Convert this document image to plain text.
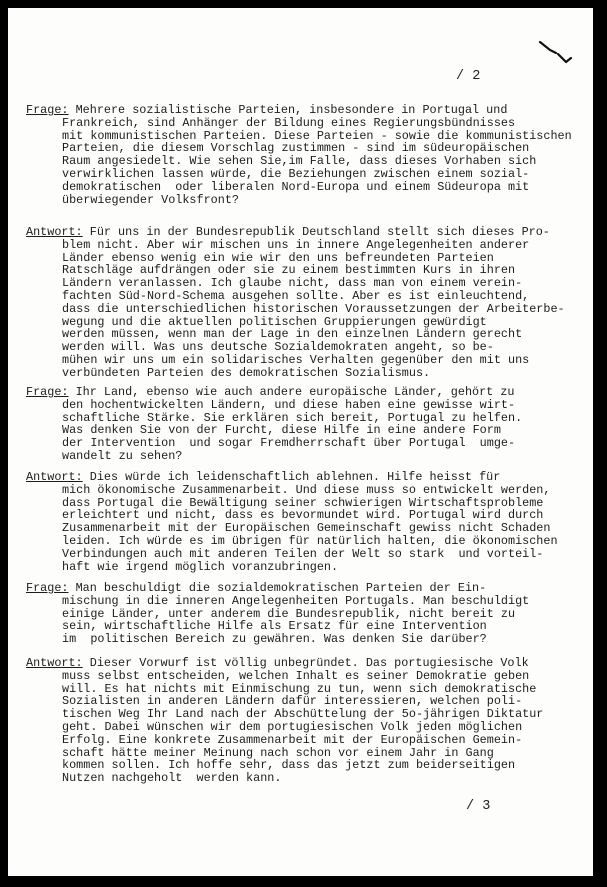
/ 2
Frage: Mehrere sozialistische Parteien, insbesondere in Portugal und
Frankreich, sind Anhänger der Bildung eines Regierungsbündnisses
mit kommunistischen Parteien. Diese Parteien - sowie die kommunistischen
Parteien, die diesem Vorschlag zustimmen - sind im südeuropäischen
Raum angesiedelt. Wie sehen Sie,im Falle, dass dieses Vorhaben sich
verwirklichen lassen würde, die Beziehungen zwischen einem sozial-
demokratischen  oder liberalen Nord-Europa und einem Südeuropa mit
überwiegender Volksfront?
Antwort: Für uns in der Bundesrepublik Deutschland stellt sich dieses Pro-
blem nicht. Aber wir mischen uns in innere Angelegenheiten anderer
Länder ebenso wenig ein wie wir den uns befreundeten Parteien
Ratschläge aufdrängen oder sie zu einem bestimmten Kurs in ihren
Ländern veranlassen. Ich glaube nicht, dass man von einem verein-
fachten Süd-Nord-Schema ausgehen sollte. Aber es ist einleuchtend,
dass die unterschiedlichen historischen Voraussetzungen der Arbeiterbe-
wegung und die aktuellen politischen Gruppierungen gewürdigt
werden müssen, wenn man der Lage in den einzelnen Ländern gerecht
werden will. Was uns deutsche Sozialdemokraten angeht, so be-
mühen wir uns um ein solidarisches Verhalten gegenüber den mit uns
verbündeten Parteien des demokratischen Sozialismus.
Frage: Ihr Land, ebenso wie auch andere europäische Länder, gehört zu
den hochentwickelten Ländern, und diese haben eine gewisse wirt-
schaftliche Stärke. Sie erklären sich bereit, Portugal zu helfen.
Was denken Sie von der Furcht, diese Hilfe in eine andere Form
der Intervention  und sogar Fremdherrschaft über Portugal  umge-
wandelt zu sehen?
Antwort: Dies würde ich leidenschaftlich ablehnen. Hilfe heisst für
mich ökonomische Zusammenarbeit. Und diese muss so entwickelt werden,
dass Portugal die Bewältigung seiner schwierigen Wirtschaftsprobleme
erleichtert und nicht, dass es bevormundet wird. Portugal wird durch
Zusammenarbeit mit der Europäischen Gemeinschaft gewiss nicht Schaden
leiden. Ich würde es im übrigen für natürlich halten, die ökonomischen
Verbindungen auch mit anderen Teilen der Welt so stark  und vorteil-
haft wie irgend möglich voranzubringen.
Frage: Man beschuldigt die sozialdemokratischen Parteien der Ein-
mischung in die inneren Angelegenheiten Portugals. Man beschuldigt
einige Länder, unter anderem die Bundesrepublik, nicht bereit zu
sein, wirtschaftliche Hilfe als Ersatz für eine Intervention
im  politischen Bereich zu gewähren. Was denken Sie darüber?
Antwort: Dieser Vorwurf ist völlig unbegründet. Das portugiesische Volk
muss selbst entscheiden, welchen Inhalt es seiner Demokratie geben
will. Es hat nichts mit Einmischung zu tun, wenn sich demokratische
Sozialisten in anderen Ländern dafür interessieren, welchen poli-
tischen Weg Ihr Land nach der Abschüttelung der 5o-jährigen Diktatur
geht. Dabei wünschen wir dem portugiesischen Volk jeden möglichen
Erfolg. Eine konkrete Zusammenarbeit mit der Europäischen Gemein-
schaft hätte meiner Meinung nach schon vor einem Jahr in Gang
kommen sollen. Ich hoffe sehr, dass das jetzt zum beiderseitigen
Nutzen nachgeholt  werden kann.
/ 3
